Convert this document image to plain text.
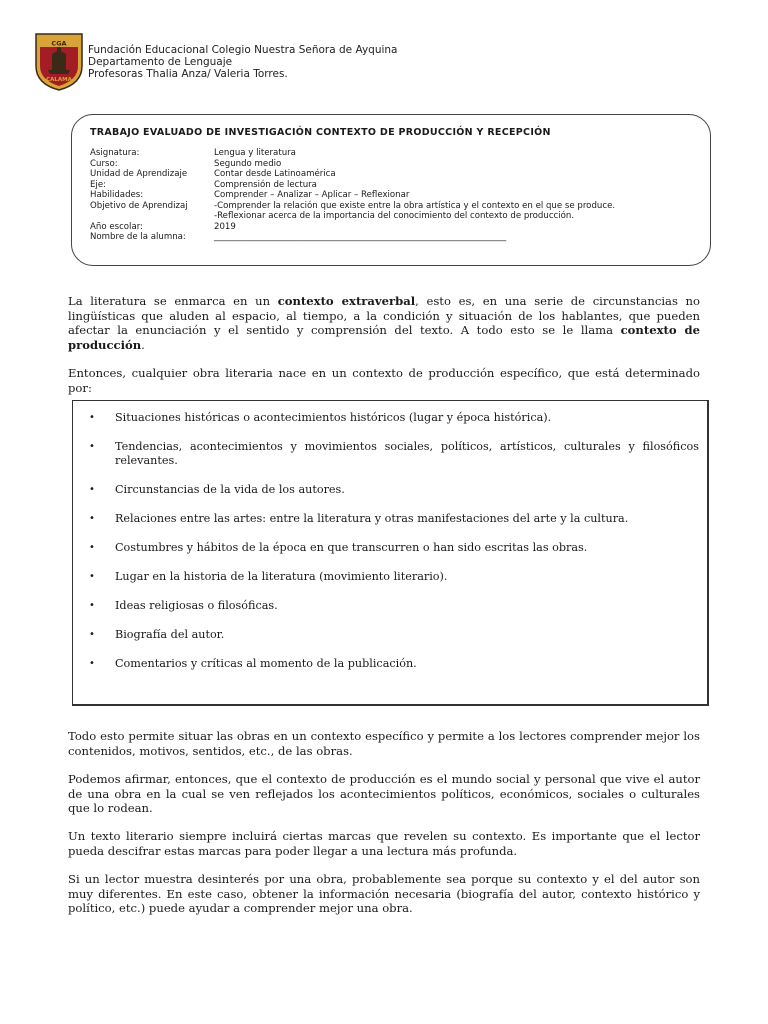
CGA
CALAMA
Fundación Educacional Colegio Nuestra Señora de Ayquina
Departamento de Lenguaje
Profesoras Thalia Anza/ Valeria Torres.
TRABAJO EVALUADO DE INVESTIGACIÓN CONTEXTO DE PRODUCCIÓN Y RECEPCIÓN
Asignatura:	Lengua y literatura
Curso:	Segundo medio
Unidad de Aprendizaje	Contar desde Latinoamérica
Eje:	Comprensión de lectura
Habilidades:	Comprender – Analizar – Aplicar – Reflexionar
Objetivo de Aprendizaj	-Comprender la relación que existe entre la obra artística y el contexto en el que se produce.
-Reflexionar acerca de la importancia del conocimiento del contexto de producción.
Año escolar:	2019
Nombre de la alumna:	____________________________________________________________________

La literatura se enmarca en un contexto extraverbal, esto es, en una serie de circunstancias no lingüísticas que aluden al espacio, al tiempo, a la condición y situación de los hablantes, que pueden afectar la enunciación y el sentido y comprensión del texto. A todo esto se le llama contexto de producción.

Entonces, cualquier obra literaria nace en un contexto de producción específico, que está determinado por:

• Situaciones históricas o acontecimientos históricos (lugar y época histórica).
• Tendencias, acontecimientos y movimientos sociales, políticos, artísticos, culturales y filosóficos relevantes.
• Circunstancias de la vida de los autores.
• Relaciones entre las artes: entre la literatura y otras manifestaciones del arte y la cultura.
• Costumbres y hábitos de la época en que transcurren o han sido escritas las obras.
• Lugar en la historia de la literatura (movimiento literario).
• Ideas religiosas o filosóficas.
• Biografía del autor.
• Comentarios y críticas al momento de la publicación.

Todo esto permite situar las obras en un contexto específico y permite a los lectores comprender mejor los contenidos, motivos, sentidos, etc., de las obras.

Podemos afirmar, entonces, que el contexto de producción es el mundo social y personal que vive el autor de una obra en la cual se ven reflejados los acontecimientos políticos, económicos, sociales o culturales que lo rodean.

Un texto literario siempre incluirá ciertas marcas que revelen su contexto. Es importante que el lector pueda descifrar estas marcas para poder llegar a una lectura más profunda.

Si un lector muestra desinterés por una obra, probablemente sea porque su contexto y el del autor son muy diferentes. En este caso, obtener la información necesaria (biografía del autor, contexto histórico y político, etc.) puede ayudar a comprender mejor una obra.
